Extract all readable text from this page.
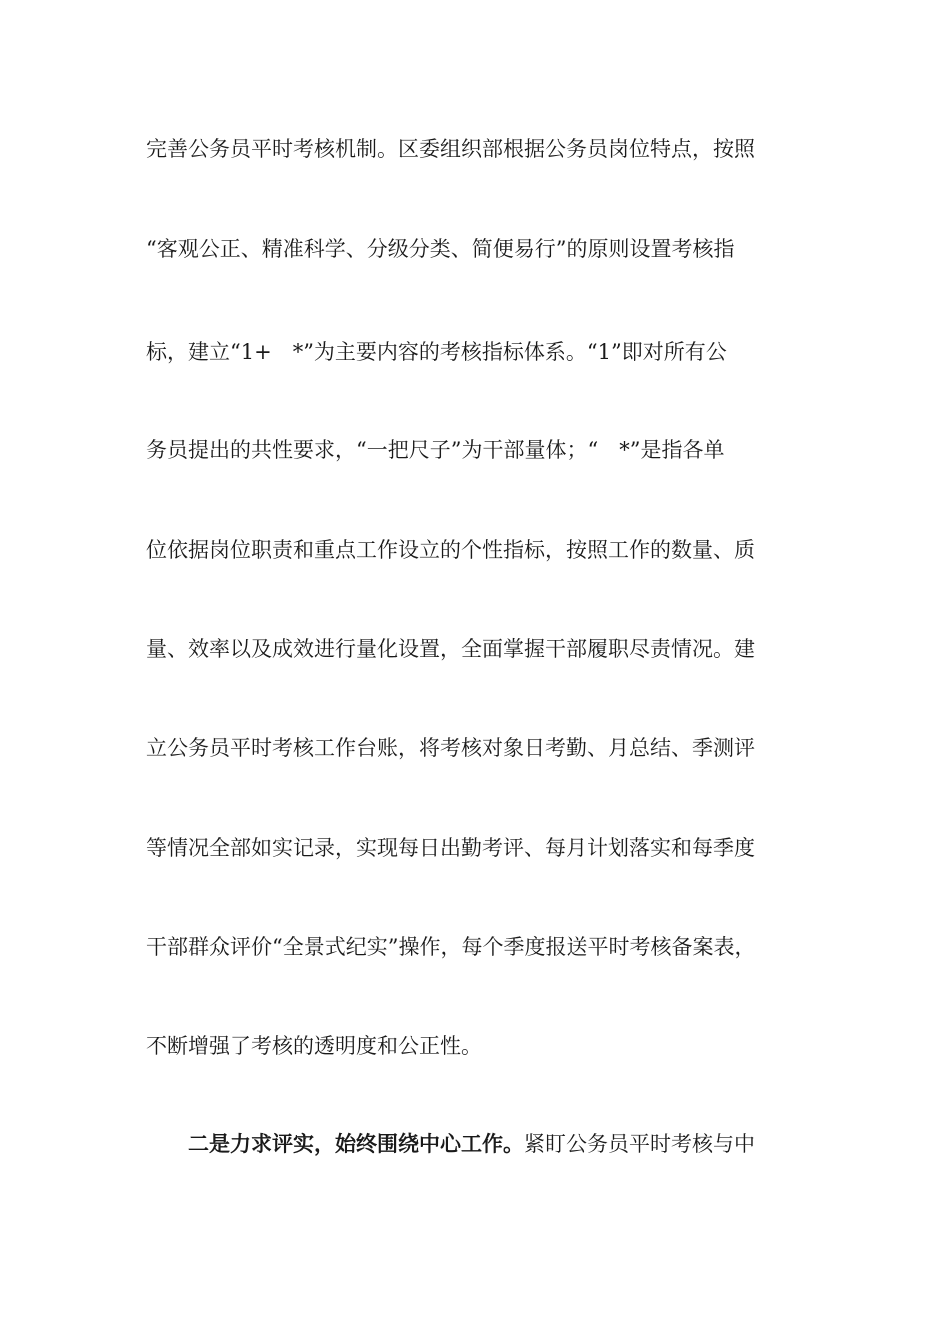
完善公务员平时考核机制。区委组织部根据公务员岗位特点，按照
“客观公正、精准科学、分级分类、简便易行”的原则设置考核指
标，建立“1+　*”为主要内容的考核指标体系。“1”即对所有公
务员提出的共性要求，“一把尺子”为干部量体；“　*”是指各单
位依据岗位职责和重点工作设立的个性指标，按照工作的数量、质
量、效率以及成效进行量化设置，全面掌握干部履职尽责情况。建
立公务员平时考核工作台账，将考核对象日考勤、月总结、季测评
等情况全部如实记录，实现每日出勤考评、每月计划落实和每季度
干部群众评价“全景式纪实”操作，每个季度报送平时考核备案表，
不断增强了考核的透明度和公正性。
二是力求评实，始终围绕中心工作。紧盯公务员平时考核与中
